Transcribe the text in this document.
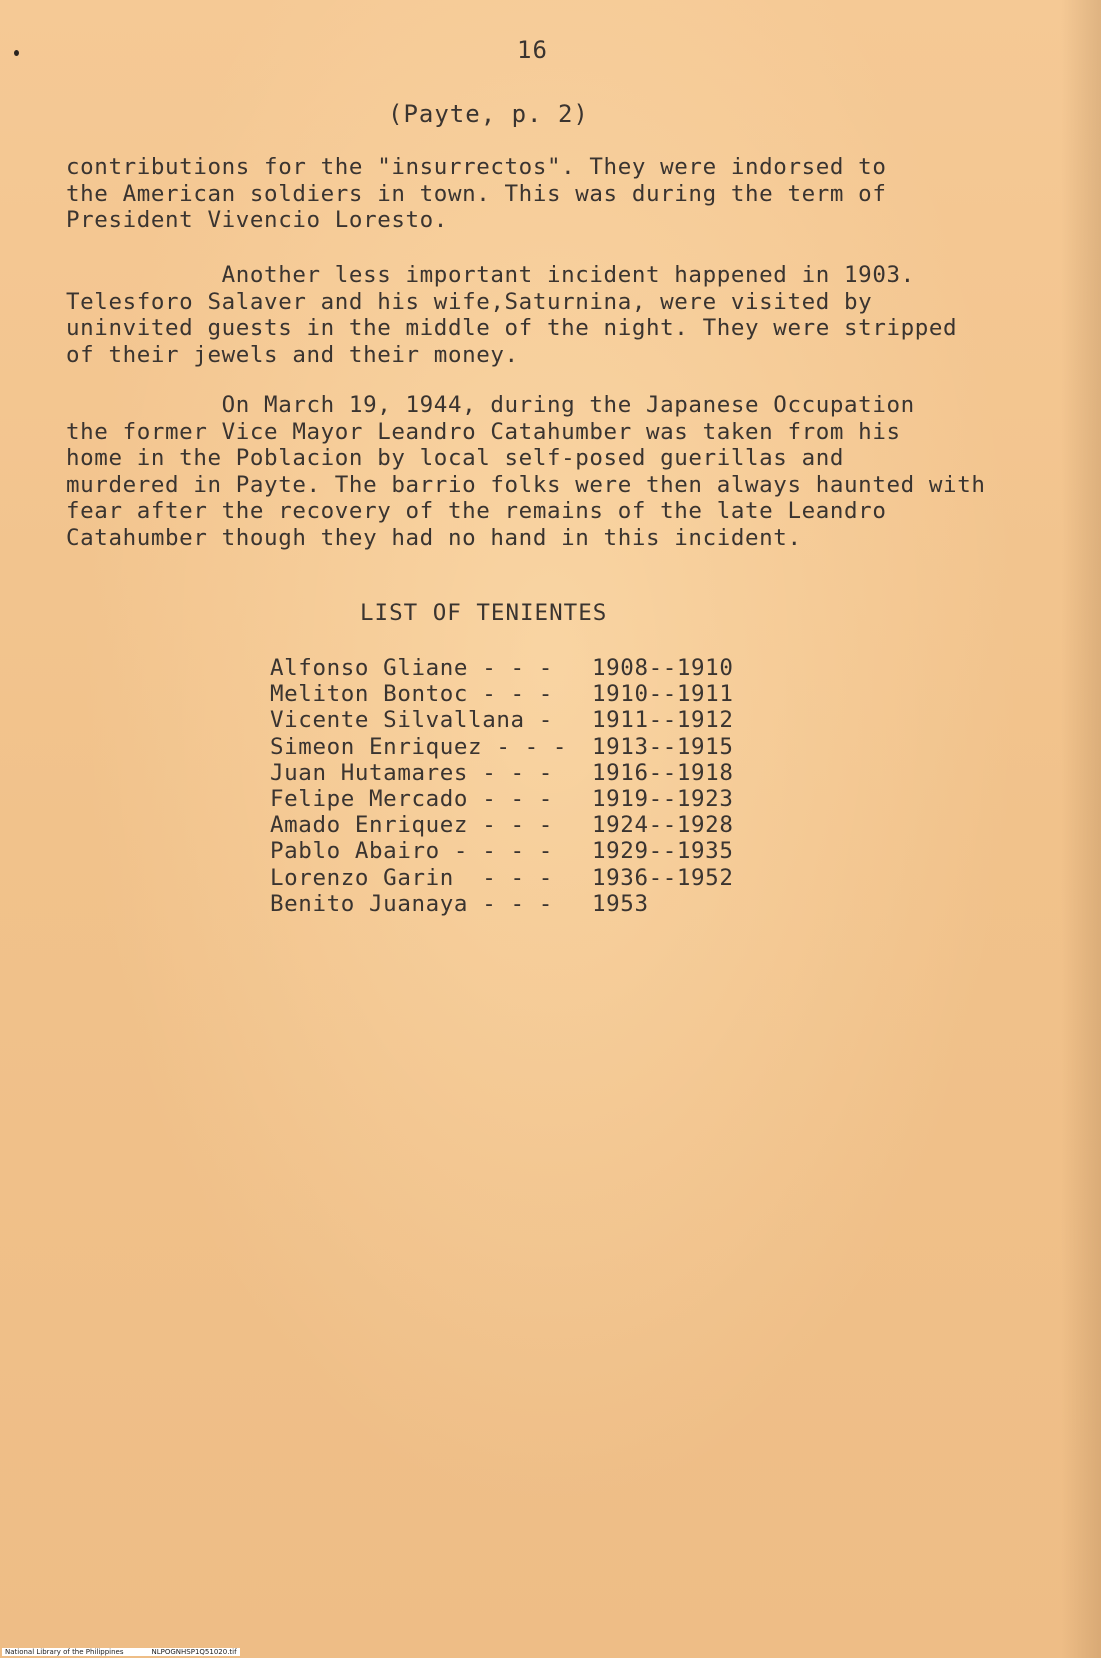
16
(Payte, p. 2)
contributions for the "insurrectos". They were indorsed to
the American soldiers in town. This was during the term of
President Vivencio Loresto.
Another less important incident happened in 1903.
Telesforo Salaver and his wife,Saturnina, were visited by
uninvited guests in the middle of the night. They were stripped
of their jewels and their money.
On March 19, 1944, during the Japanese Occupation
the former Vice Mayor Leandro Catahumber was taken from his
home in the Poblacion by local self-posed guerillas and
murdered in Payte. The barrio folks were then always haunted with
fear after the recovery of the remains of the late Leandro
Catahumber though they had no hand in this incident.
LIST OF TENIENTES
Alfonso Gliane - - - 1908--1910
Meliton Bontoc - - - 1910--1911
Vicente Silvallana - 1911--1912
Simeon Enriquez - - - 1913--1915
Juan Hutamares - - - 1916--1918
Felipe Mercado - - - 1919--1923
Amado Enriquez - - - 1924--1928
Pablo Abairo - - - - 1929--1935
Lorenzo Garin  - - - 1936--1952
Benito Juanaya - - - 1953
National Library of the Philippines	NLPOGNHSP1Q51020.tif
